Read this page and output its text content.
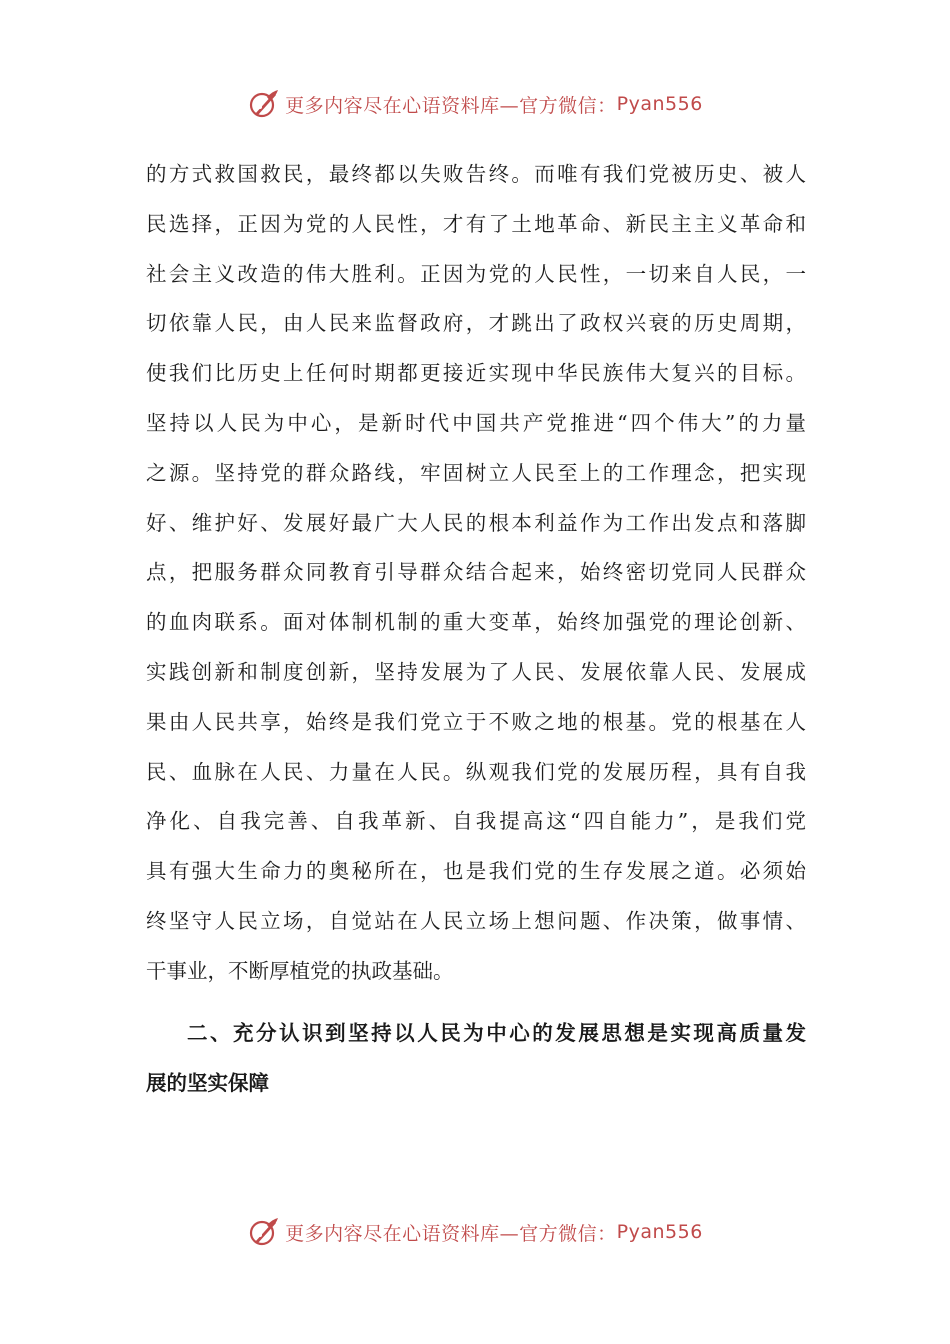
更多内容尽在心语资料库—官方微信： Pyan556
的方式救国救民，最终都以失败告终。而唯有我们党被历史、被人
民选择，正因为党的人民性，才有了土地革命、新民主主义革命和
社会主义改造的伟大胜利。正因为党的人民性，一切来自人民，一
切依靠人民，由人民来监督政府，才跳出了政权兴衰的历史周期，
使我们比历史上任何时期都更接近实现中华民族伟大复兴的目标。
坚持以人民为中心，是新时代中国共产党推进“四个伟大”的力量
之源。坚持党的群众路线，牢固树立人民至上的工作理念，把实现
好、维护好、发展好最广大人民的根本利益作为工作出发点和落脚
点，把服务群众同教育引导群众结合起来，始终密切党同人民群众
的血肉联系。面对体制机制的重大变革，始终加强党的理论创新、
实践创新和制度创新，坚持发展为了人民、发展依靠人民、发展成
果由人民共享，始终是我们党立于不败之地的根基。党的根基在人
民、血脉在人民、力量在人民。纵观我们党的发展历程，具有自我
净化、自我完善、自我革新、自我提高这“四自能力”，是我们党
具有强大生命力的奥秘所在，也是我们党的生存发展之道。必须始
终坚守人民立场，自觉站在人民立场上想问题、作决策，做事情、
干事业，不断厚植党的执政基础。
二、充分认识到坚持以人民为中心的发展思想是实现高质量发
展的坚实保障
更多内容尽在心语资料库—官方微信： Pyan556
